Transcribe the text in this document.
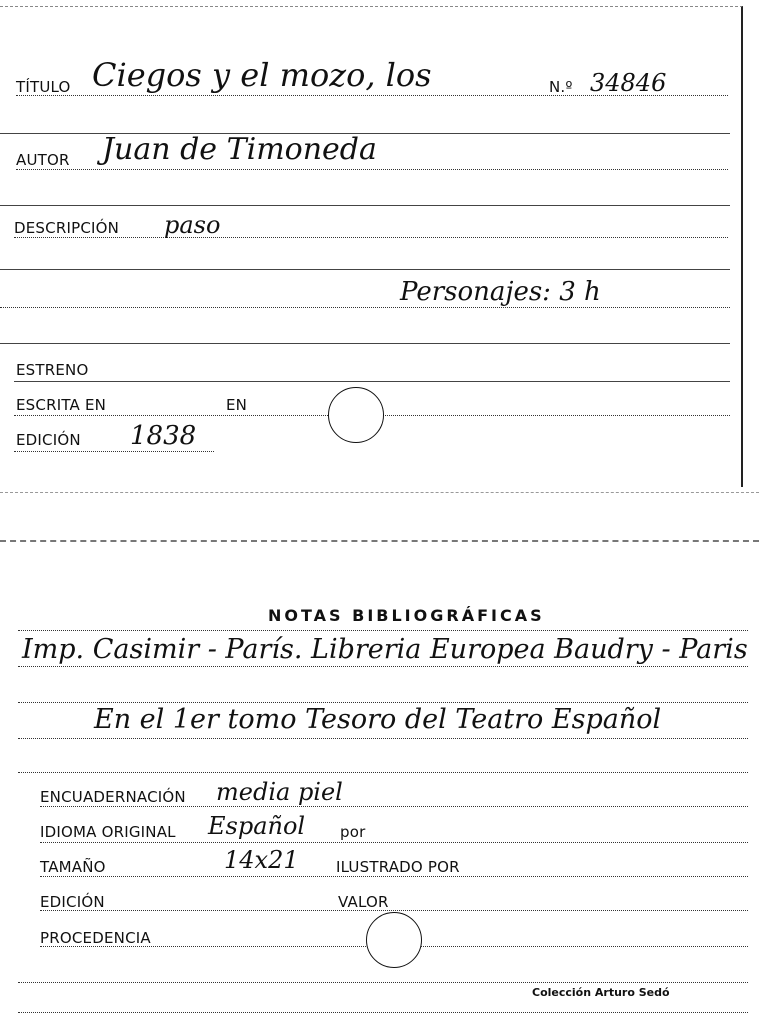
TÍTULO Ciegos y el mozo, los	N.º 34846
AUTOR Juan de Timoneda
DESCRIPCIÓN paso
Personajes: 3 h
ESTRENO
ESCRITA EN	EN
EDICIÓN 1838
NOTAS BIBLIOGRÁFICAS
Imp. Casimir - París. Libreria Europea Baudry - Paris
En el 1er tomo Tesoro del Teatro Español
ENCUADERNACIÓN media piel
IDIOMA ORIGINAL Español por
TAMAÑO	14x21 ILUSTRADO POR
EDICIÓN	VALOR
PROCEDENCIA
Colección Arturo Sedó
